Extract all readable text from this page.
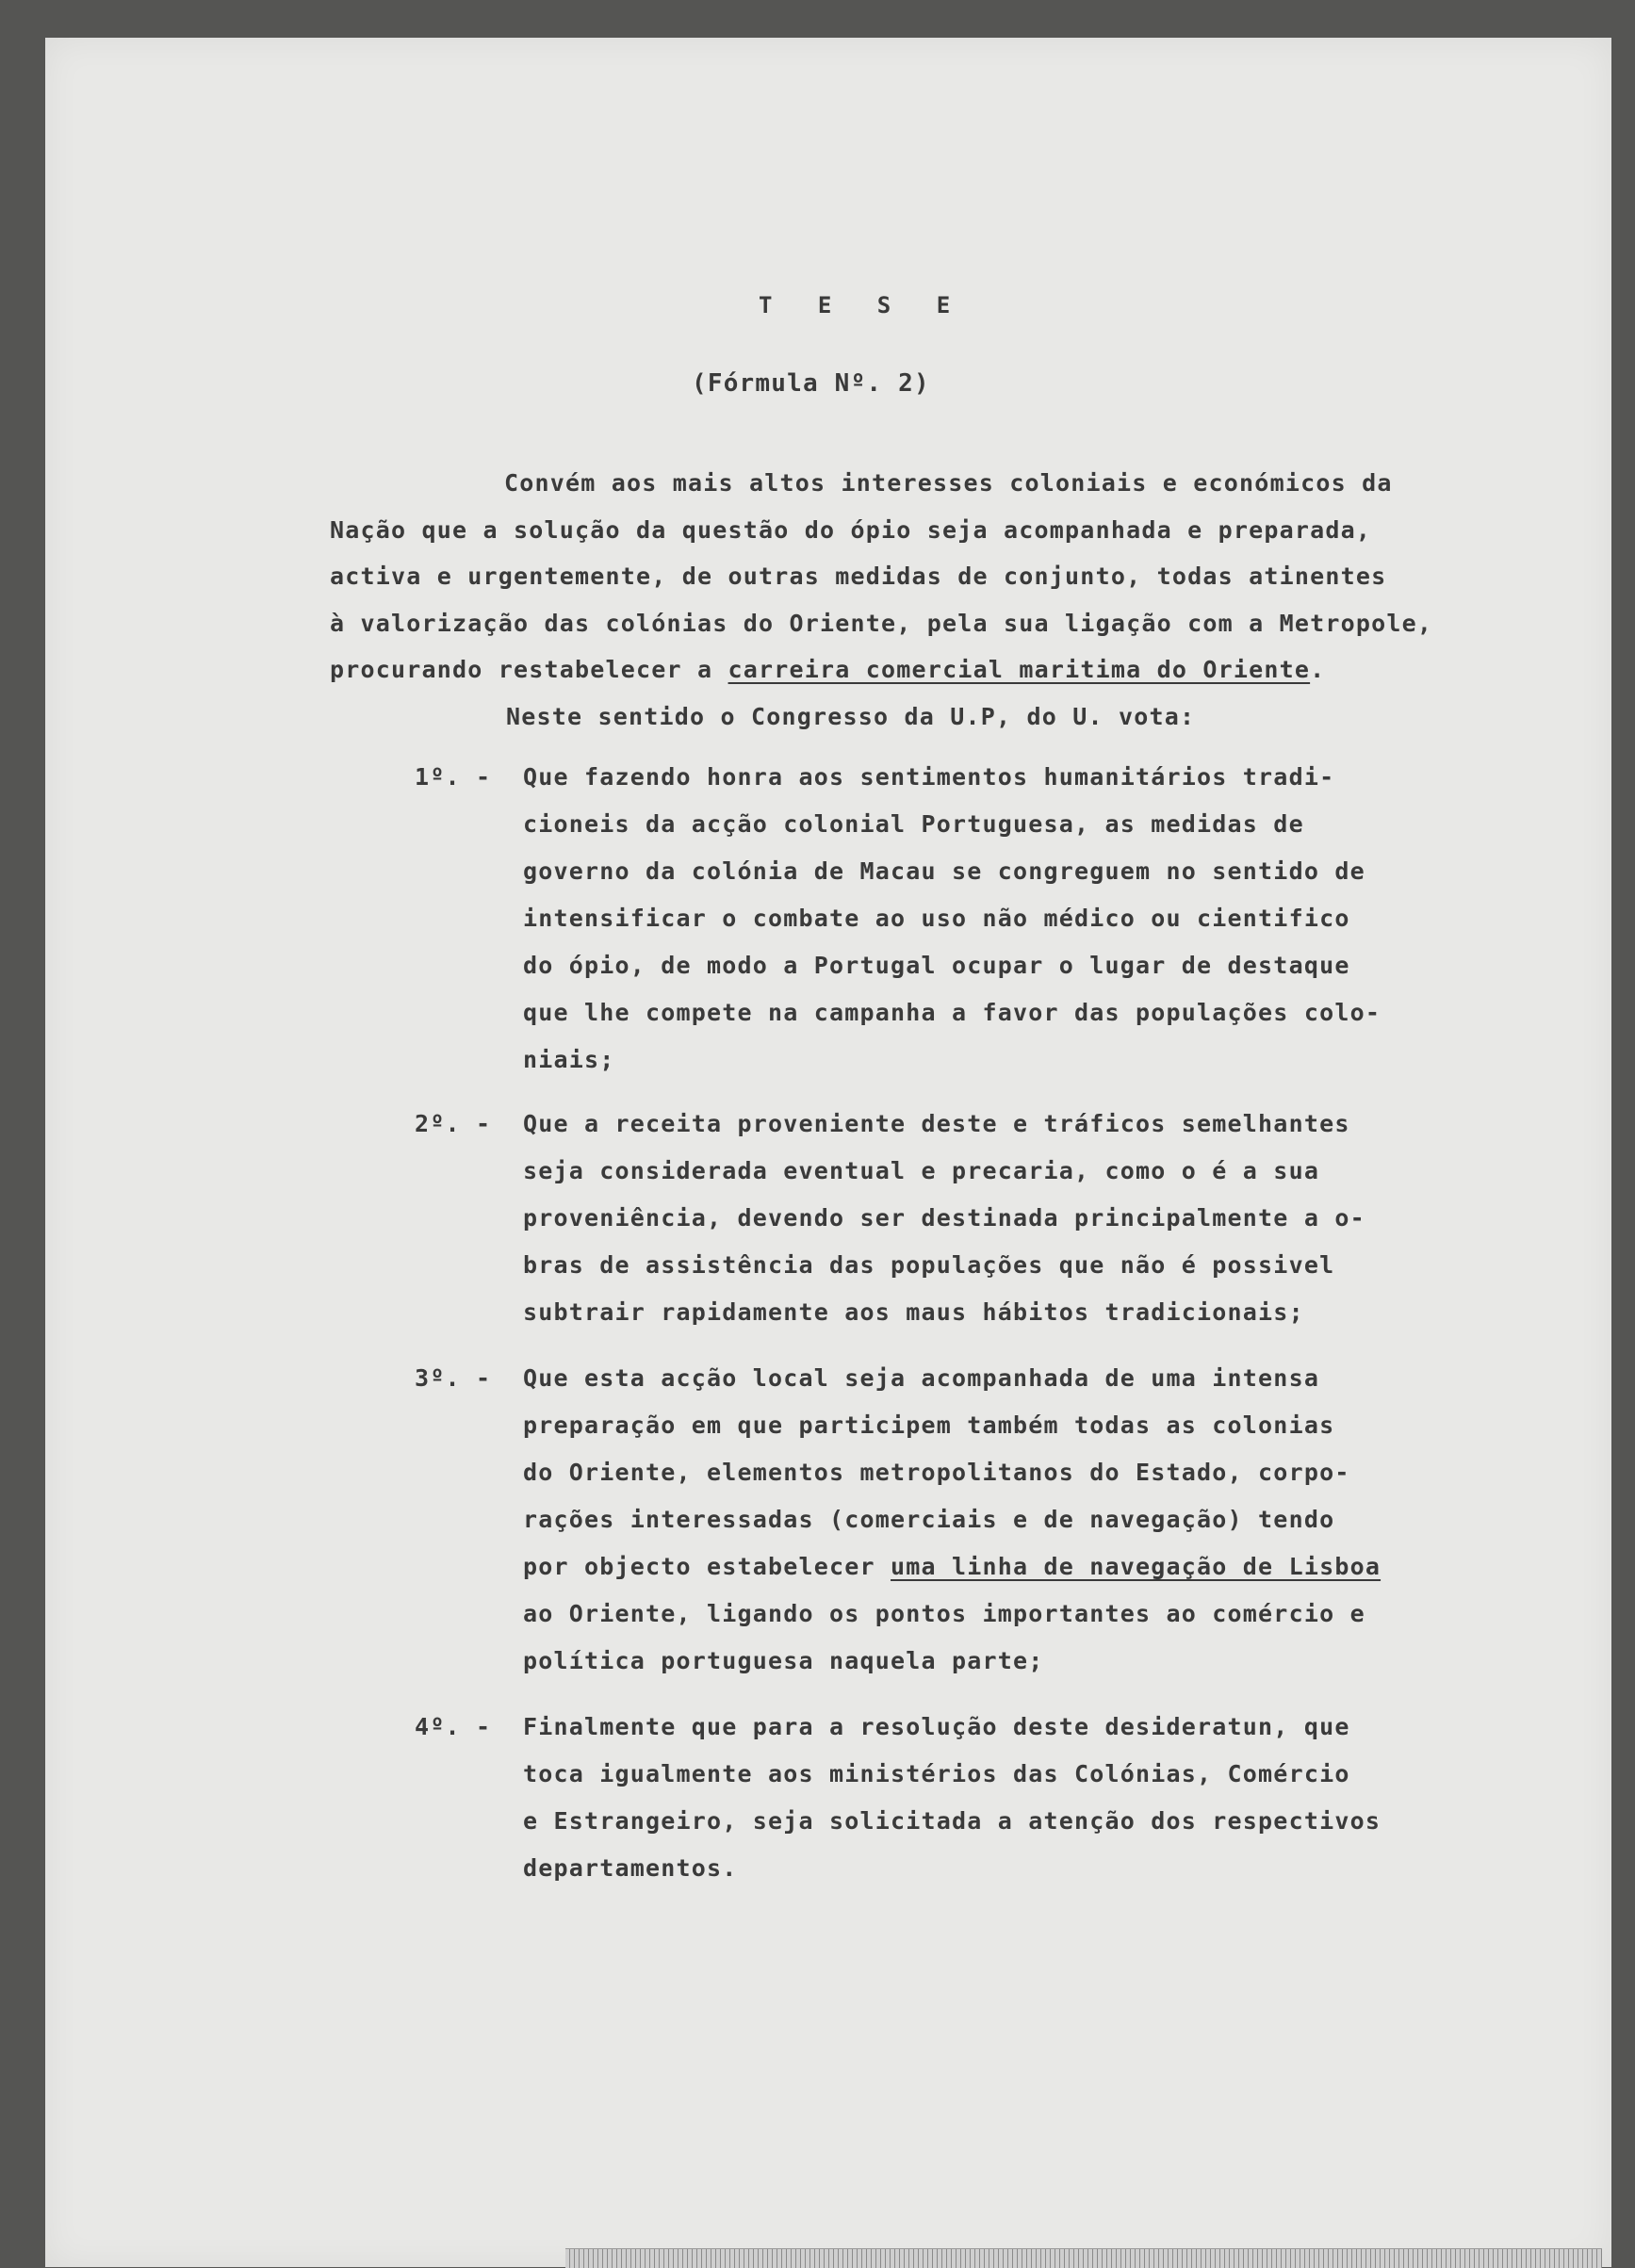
T E S E
(Fórmula Nº. 2)
Convém aos mais altos interesses coloniais e económicos da
Nação que a solução da questão do ópio seja acompanhada e preparada,
activa e urgentemente, de outras medidas de conjunto, todas atinentes
à valorização das colónias do Oriente, pela sua ligação com a Metropole,
procurando restabelecer a carreira comercial maritima do Oriente.
Neste sentido o Congresso da U.P, do U. vota:
1º. - Que fazendo honra aos sentimentos humanitários tradi-
cioneis da acção colonial Portuguesa, as medidas de
governo da colónia de Macau se congreguem no sentido de
intensificar o combate ao uso não médico ou cientifico
do ópio, de modo a Portugal ocupar o lugar de destaque
que lhe compete na campanha a favor das populações colo-
niais;
2º. - Que a receita proveniente deste e tráficos semelhantes
seja considerada eventual e precaria, como o é a sua
proveniência, devendo ser destinada principalmente a o-
bras de assistência das populações que não é possivel
subtrair rapidamente aos maus hábitos tradicionais;
3º. - Que esta acção local seja acompanhada de uma intensa
preparação em que participem também todas as colonias
do Oriente, elementos metropolitanos do Estado, corpo-
rações interessadas (comerciais e de navegação) tendo
por objecto estabelecer uma linha de navegação de Lisboa
ao Oriente, ligando os pontos importantes ao comércio e
política portuguesa naquela parte;
4º. - Finalmente que para a resolução deste desideratun, que
toca igualmente aos ministérios das Colónias, Comércio
e Estrangeiro, seja solicitada a atenção dos respectivos
departamentos.
